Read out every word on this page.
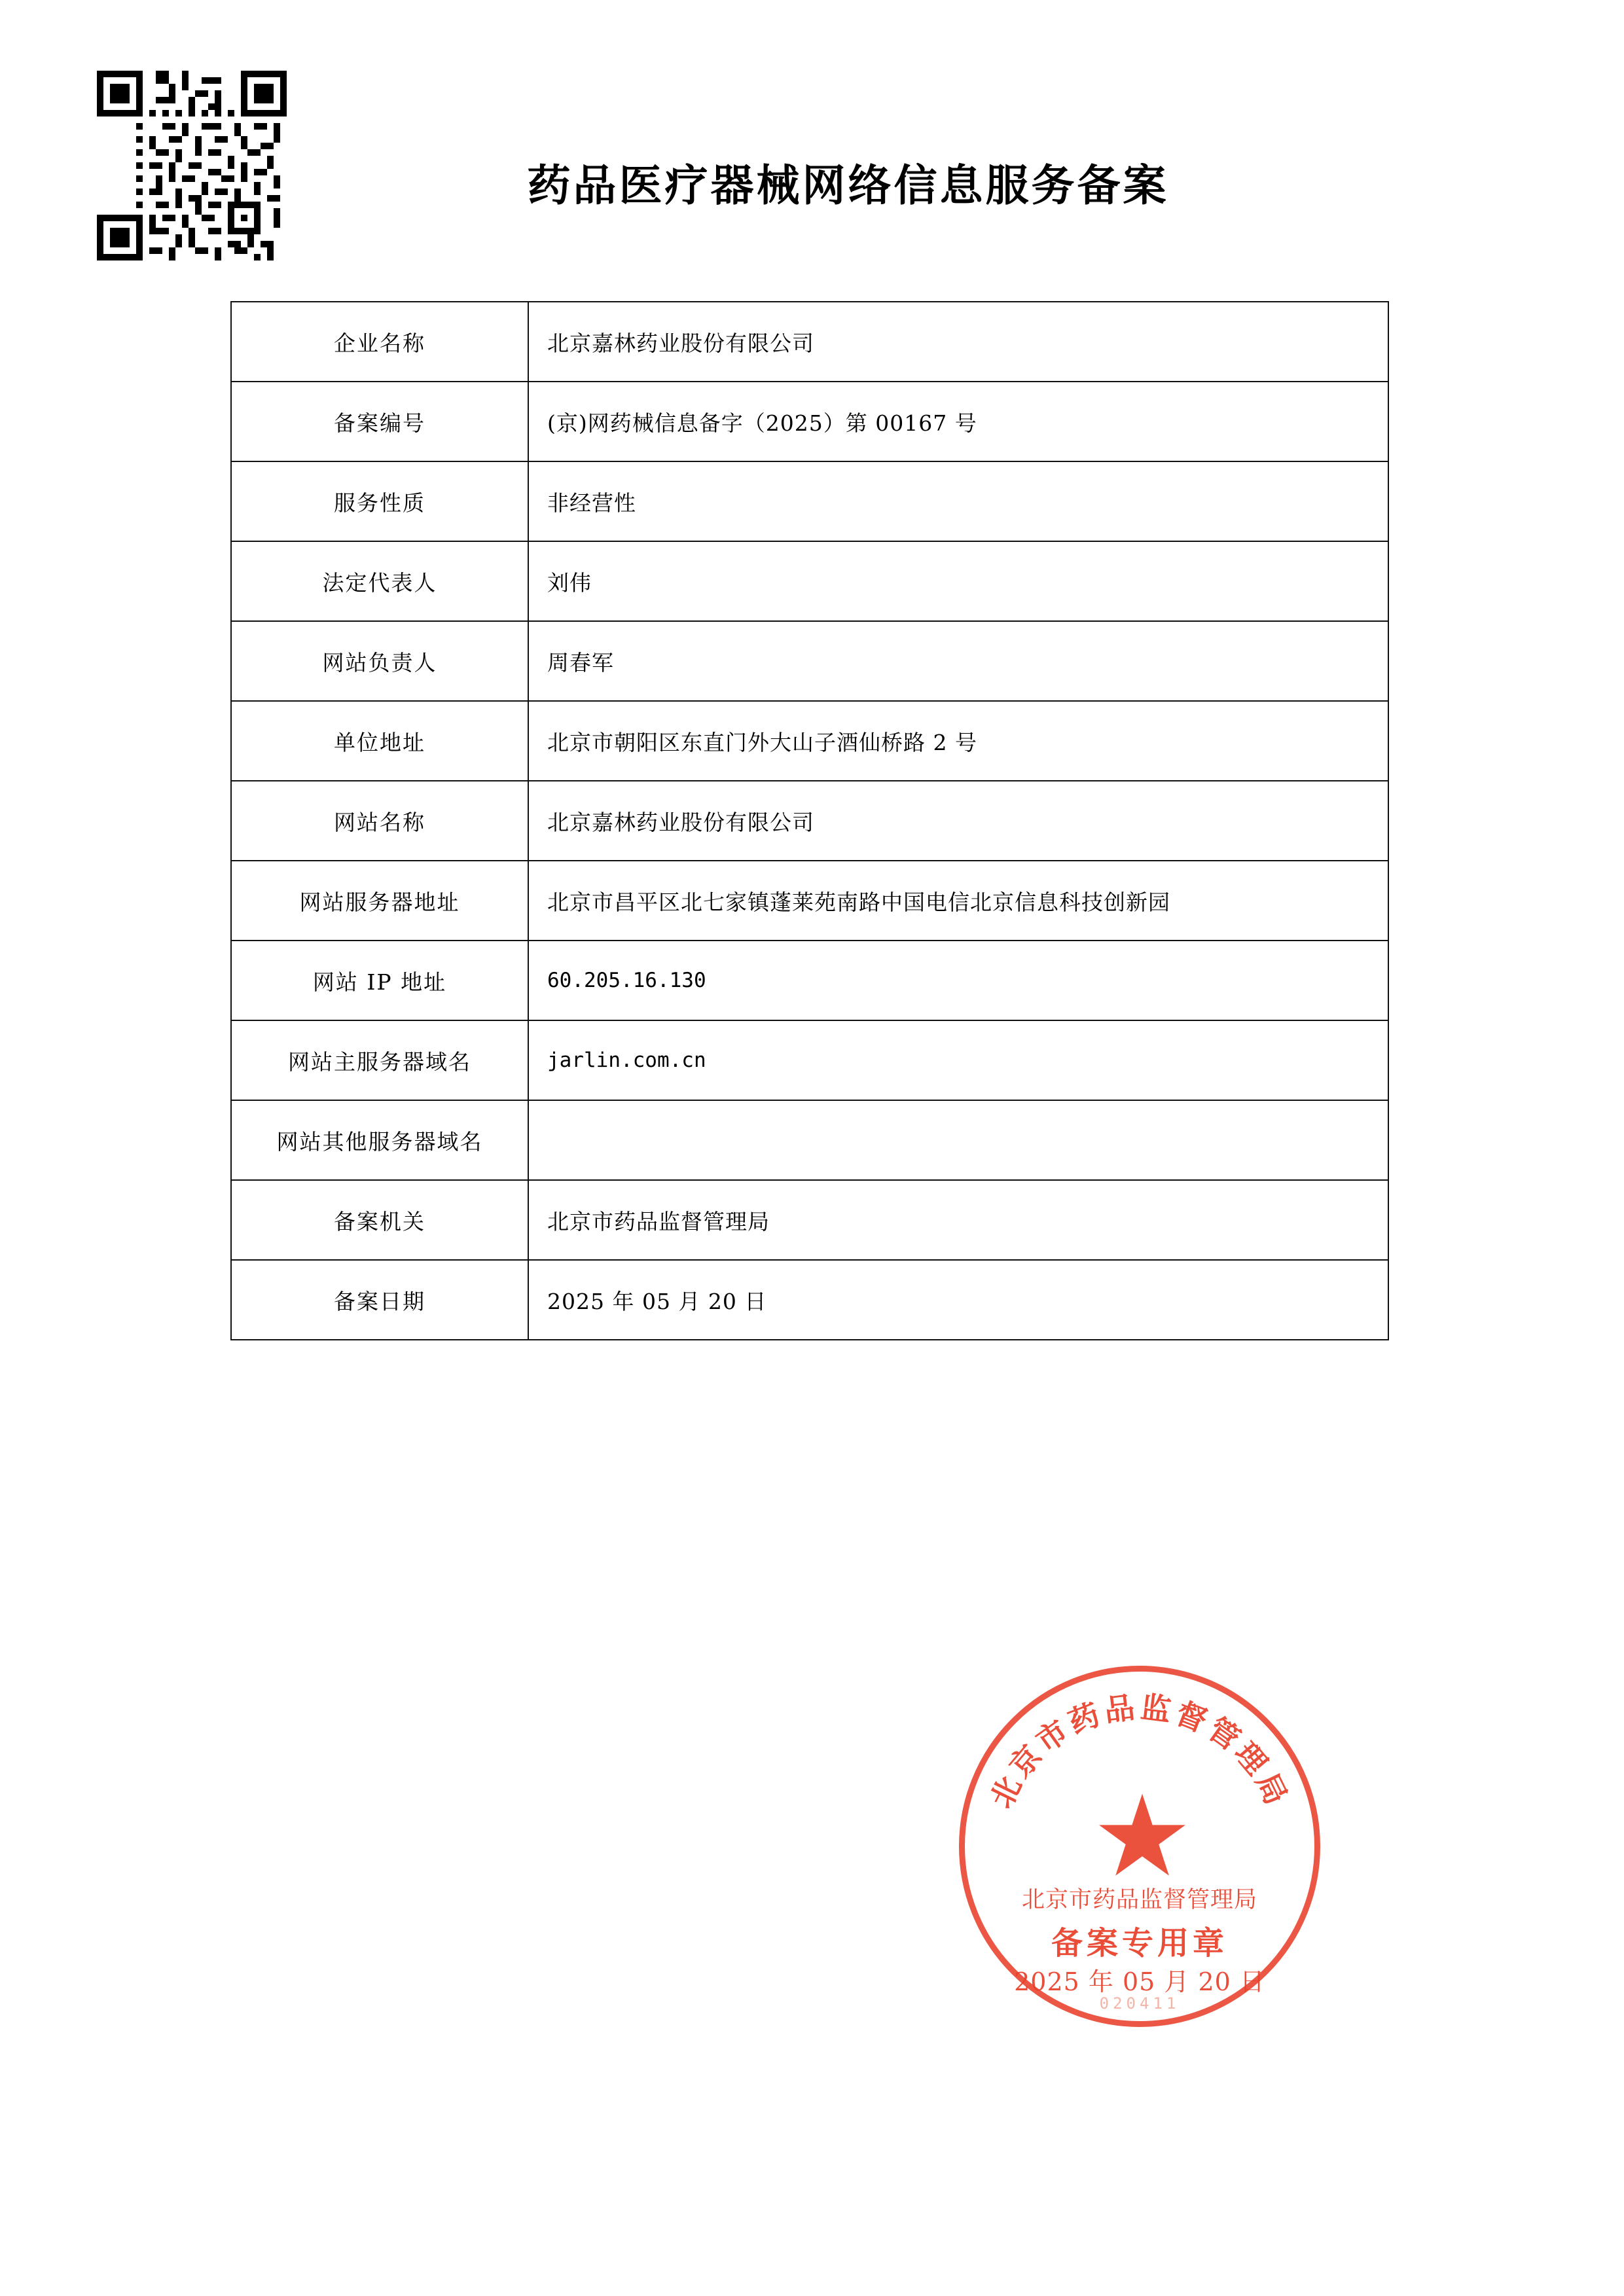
药品医疗器械网络信息服务备案
企业名称	北京嘉林药业股份有限公司
备案编号	(京)网药械信息备字（2025）第 00167 号
服务性质	非经营性
法定代表人	刘伟
网站负责人	周春军
单位地址	北京市朝阳区东直门外大山子酒仙桥路 2 号
网站名称	北京嘉林药业股份有限公司
网站服务器地址	北京市昌平区北七家镇蓬莱苑南路中国电信北京信息科技创新园
网站 IP 地址	60.205.16.130
网站主服务器域名	jarlin.com.cn
网站其他服务器域名	
备案机关	北京市药品监督管理局
备案日期	2025 年 05 月 20 日
北京市药品监督管理局
★
北京市药品监督管理局
备案专用章
2025 年 05 月 20 日
020411
